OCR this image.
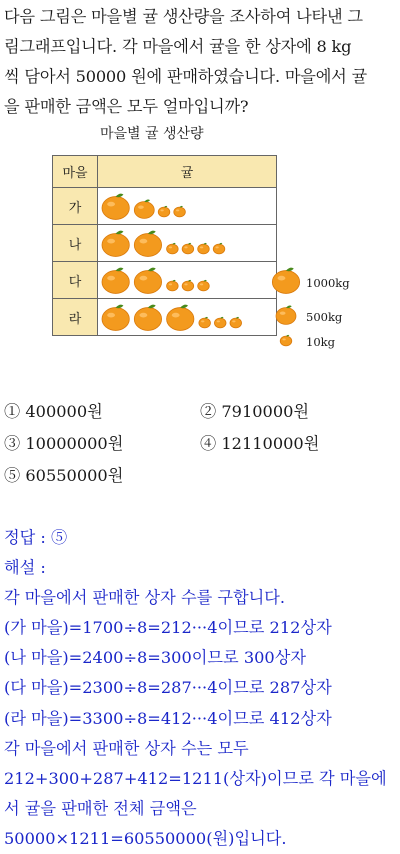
다음 그림은 마을별 귤 생산량을 조사하여 나타낸 그
림그래프입니다. 각 마을에서 귤을 한 상자에 8 kg
씩 담아서 50000 원에 판매하였습니다. 마을에서 귤
을 판매한 금액은 모두 얼마입니까?
마을별 귤 생산량
마을	귤
가	

나	

다	

라	
1000kg
500kg
10kg
① 400000원	② 7910000원
③ 10000000원	④ 12110000원
⑤ 60550000원
정답 : ⑤
해설 :
각 마을에서 판매한 상자 수를 구합니다.
(가 마을)=1700÷8=212···4이므로 212상자
(나 마을)=2400÷8=300이므로 300상자
(다 마을)=2300÷8=287···4이므로 287상자
(라 마을)=3300÷8=412···4이므로 412상자
각 마을에서 판매한 상자 수는 모두
212+300+287+412=1211(상자)이므로 각 마을에
서 귤을 판매한 전체 금액은
50000×1211=60550000(원)입니다.
